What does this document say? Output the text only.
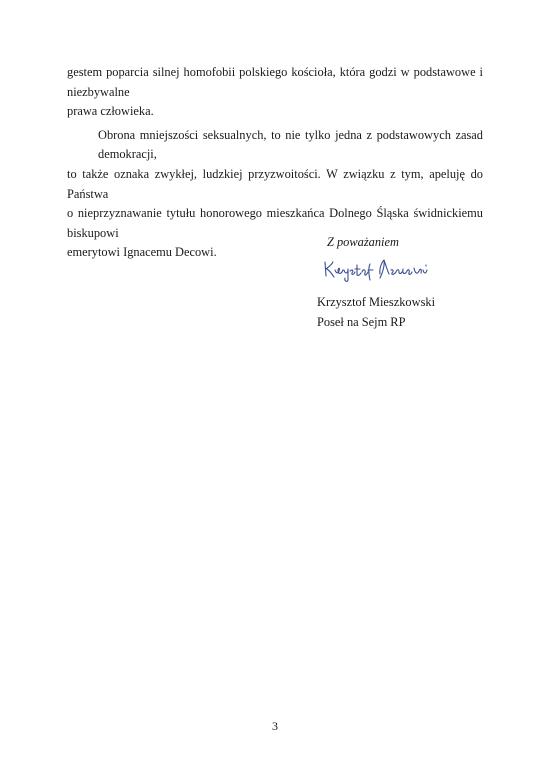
gestem poparcia silnej homofobii polskiego kościoła, która godzi w podstawowe i niezbywalne
prawa człowieka.
Obrona mniejszości seksualnych, to nie tylko jedna z podstawowych zasad demokracji,
to także oznaka zwykłej, ludzkiej przyzwoitości. W związku z tym, apeluję do Państwa
o nieprzyznawanie tytułu honorowego mieszkańca Dolnego Śląska świdnickiemu biskupowi
emerytowi Ignacemu Decowi.
Z poważaniem
Krzysztof Mieszkowski
Poseł na Sejm RP
3
